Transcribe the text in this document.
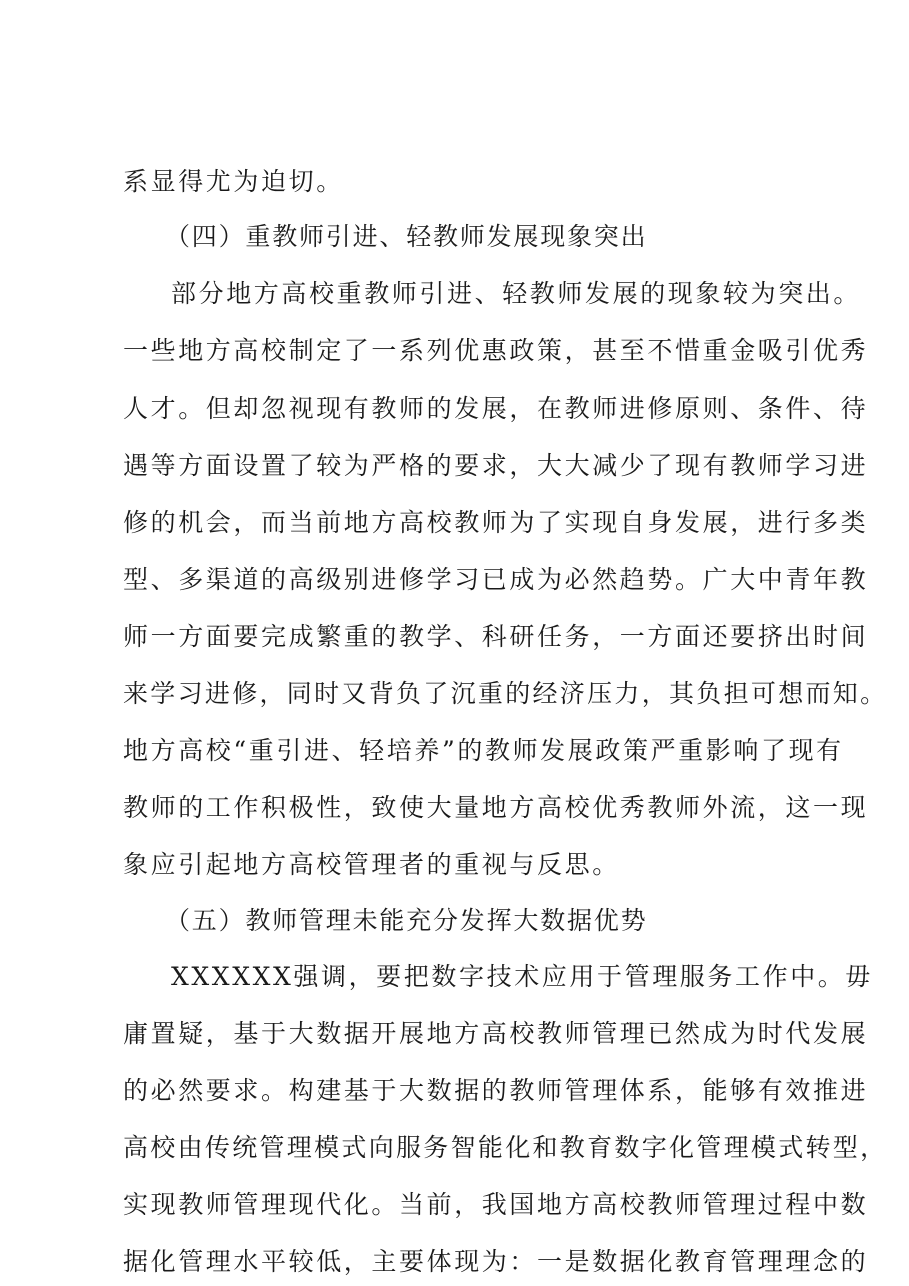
系显得尤为迫切。
（四）重教师引进、轻教师发展现象突出
部分地方高校重教师引进、轻教师发展的现象较为突出。
一些地方高校制定了一系列优惠政策，甚至不惜重金吸引优秀
人才。但却忽视现有教师的发展，在教师进修原则、条件、待
遇等方面设置了较为严格的要求，大大减少了现有教师学习进
修的机会，而当前地方高校教师为了实现自身发展，进行多类
型、多渠道的高级别进修学习已成为必然趋势。广大中青年教
师一方面要完成繁重的教学、科研任务，一方面还要挤出时间
来学习进修，同时又背负了沉重的经济压力，其负担可想而知。
地方高校“重引进、轻培养”的教师发展政策严重影响了现有
教师的工作积极性，致使大量地方高校优秀教师外流，这一现
象应引起地方高校管理者的重视与反思。
（五）教师管理未能充分发挥大数据优势
XXXXXX强调，要把数字技术应用于管理服务工作中。毋
庸置疑，基于大数据开展地方高校教师管理已然成为时代发展
的必然要求。构建基于大数据的教师管理体系，能够有效推进
高校由传统管理模式向服务智能化和教育数字化管理模式转型，
实现教师管理现代化。当前，我国地方高校教师管理过程中数
据化管理水平较低，主要体现为：一是数据化教育管理理念的
